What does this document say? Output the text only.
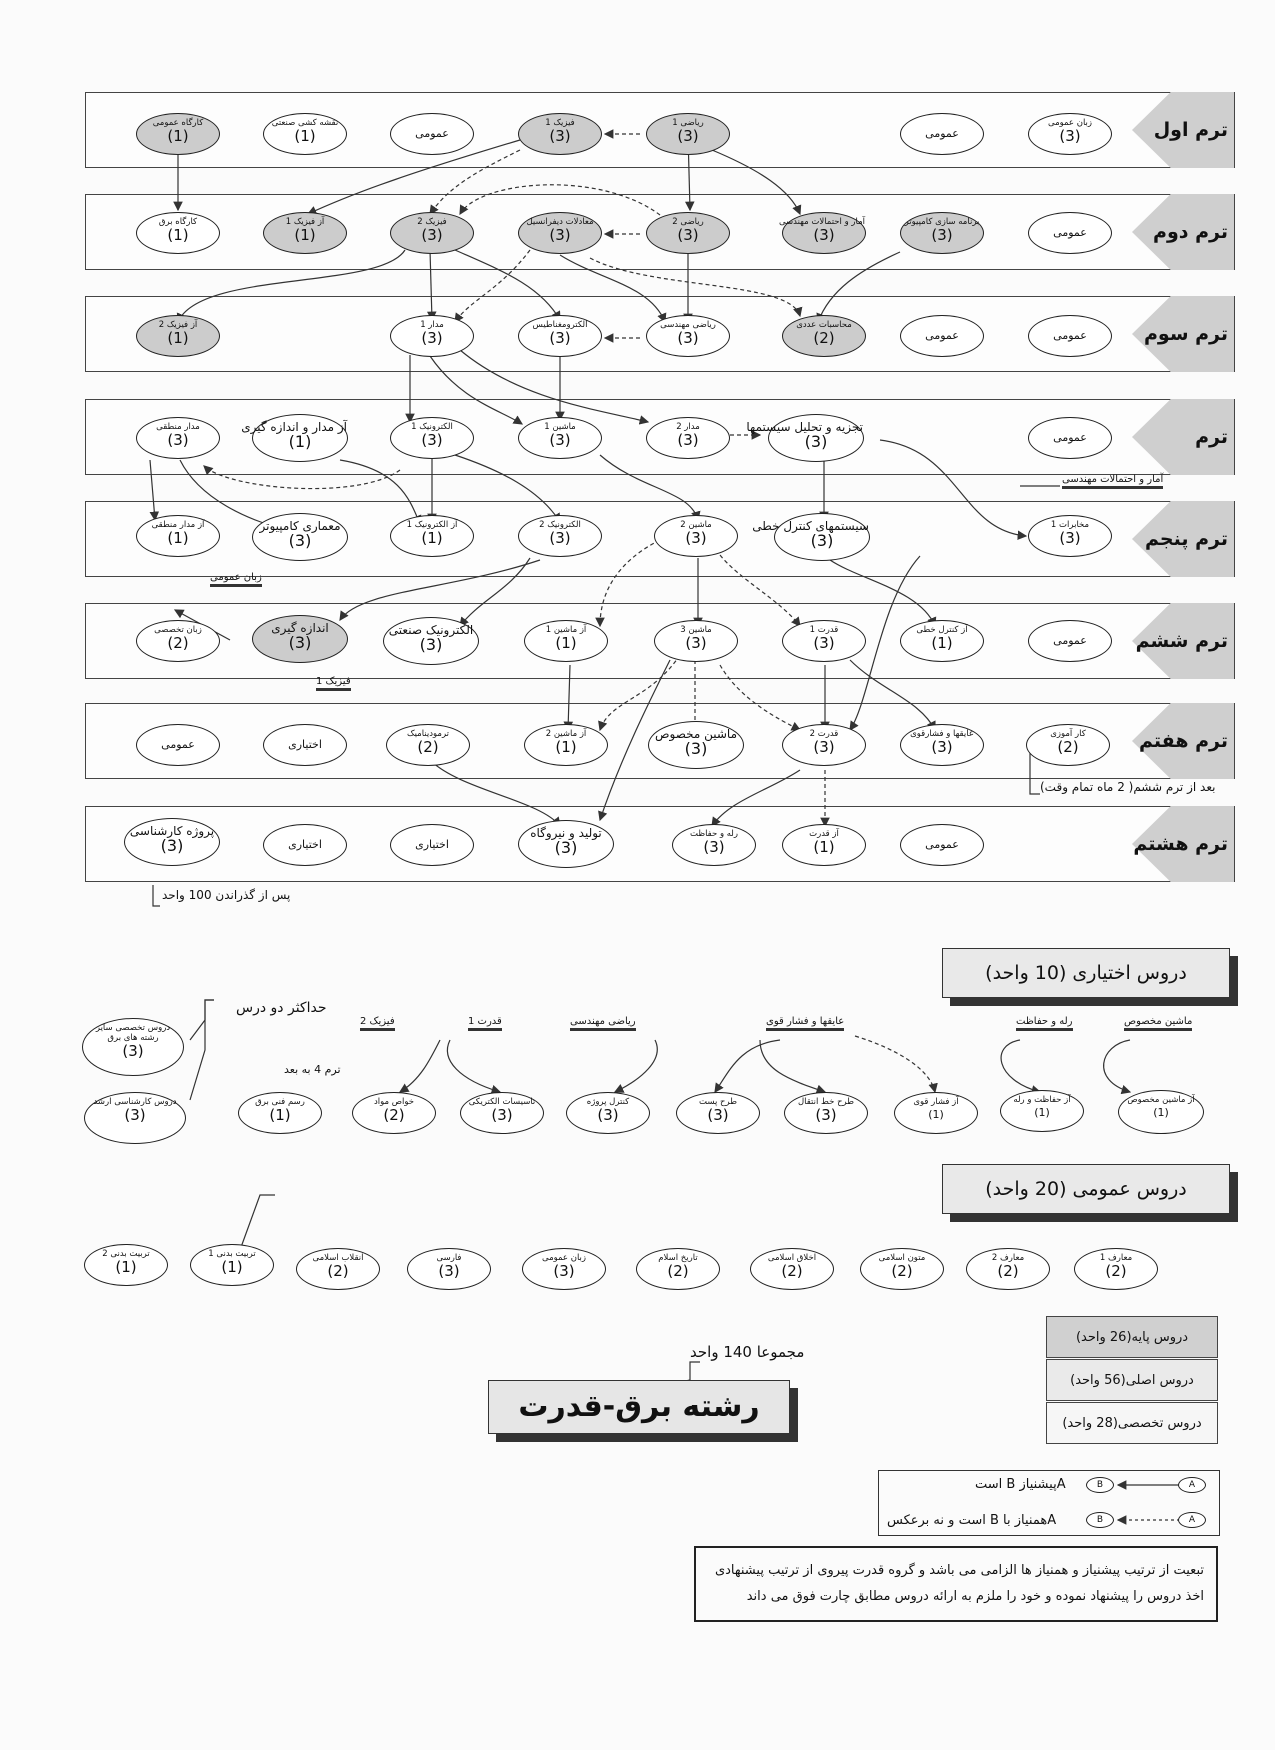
ترم اول
ترم دوم
ترم سوم
ترم
ترم پنجم
ترم ششم
ترم هفتم
ترم هشتم
زبان عمومی
(3)
عمومی
ریاضی 1
(3)
فیزیک 1
(3)
عمومی
نقشه کشی صنعتی
(1)
کارگاه عمومی
(1)
عمومی
برنامه سازی کامپیوتر
(3)
آمار و احتمالات مهندسی
(3)
ریاضی 2
(3)
معادلات دیفرانسیل
(3)
فیزیک 2
(3)
آز فیزیک 1
(1)
کارگاه برق
(1)
عمومی
عمومی
محاسبات عددی
(2)
ریاضی مهندسی
(3)
الکترومغناطیس
(3)
مدار 1
(3)
آز فیزیک 2
(1)
عمومی
تجزیه و تحلیل سیستمها
(3)
مدار 2
(3)
ماشین 1
(3)
الکترونیک 1
(3)
آز مدار و اندازه گیری
(1)
مدار منطقی
(3)
آمار و احتمالات مهندسی
مخابرات 1
(3)
سیستمهای کنترل خطی
(3)
ماشین 2
(3)
الکترونیک 2
(3)
آز الکترونیک 1
(1)
معماری کامپیوتر
(3)
آز مدار منطقی
(1)
زبان عمومی
عمومی
آز کنترل خطی
(1)
قدرت 1
(3)
ماشین 3
(3)
آز ماشین 1
(1)
الکترونیک صنعتی
(3)
اندازه گیری
(3)
زبان تخصصی
(2)
فیزیک 1
کار آموزی
(2)
عایقها و فشارقوی
(3)
قدرت 2
(3)
ماشین مخصوص
(3)
آز ماشین 2
(1)
ترمودینامیک
(2)
اختیاری
عمومی
بعد از ترم ششم( 2 ماه تمام وقت)
عمومی
آز قدرت
(1)
رله و حفاظت
(3)
تولید و نیروگاه
(3)
اختیاری
اختیاری
پروژه کارشناسی
(3)
پس از گذراندن 100 واحد
دروس اختیاری (10 واحد)
حداکثر دو درس
ترم 4 به بعد
ماشین مخصوص
رله و حفاظت
عایقها و فشار قوی
ریاضی مهندسی
قدرت 1
فیزیک 2
آز ماشین مخصوص
(1)
آز حفاظت و رله
(1)
آز فشار قوی
(1)
طرح خط انتقال
(3)
طرح پست
(3)
کنترل پروژه
(3)
تاسیسات الکتریکی
(3)
خواص مواد
(2)
رسم فنی برق
(1)
دروس کارشناسی ارشد
(3)
دروس تخصصی سایر رشته های برق
(3)
دروس عمومی (20 واحد)
معارف 1
(2)
معارف 2
(2)
متون اسلامی
(2)
اخلاق اسلامی
(2)
تاریخ اسلام
(2)
زبان عمومی
(3)
فارسی
(3)
انقلاب اسلامی
(2)
تربیت بدنی 1
(1)
تربیت بدنی 2
(1)
دروس پایه(26 واحد)
دروس اصلی(56 واحد)
دروس تخصصی(28 واحد)
مجموعا 140 واحد
رشته برق-قدرت
Aپیشنیاز B است
Aهمنیاز با B است و نه برعکس
A
B
A
B
تبعیت از ترتیب پیشنیاز و همنیاز ها الزامی می باشد و گروه قدرت پیروی از ترتیب پیشنهادی
اخذ دروس را پیشنهاد نموده و خود را ملزم به ارائه دروس مطابق چارت فوق می داند
